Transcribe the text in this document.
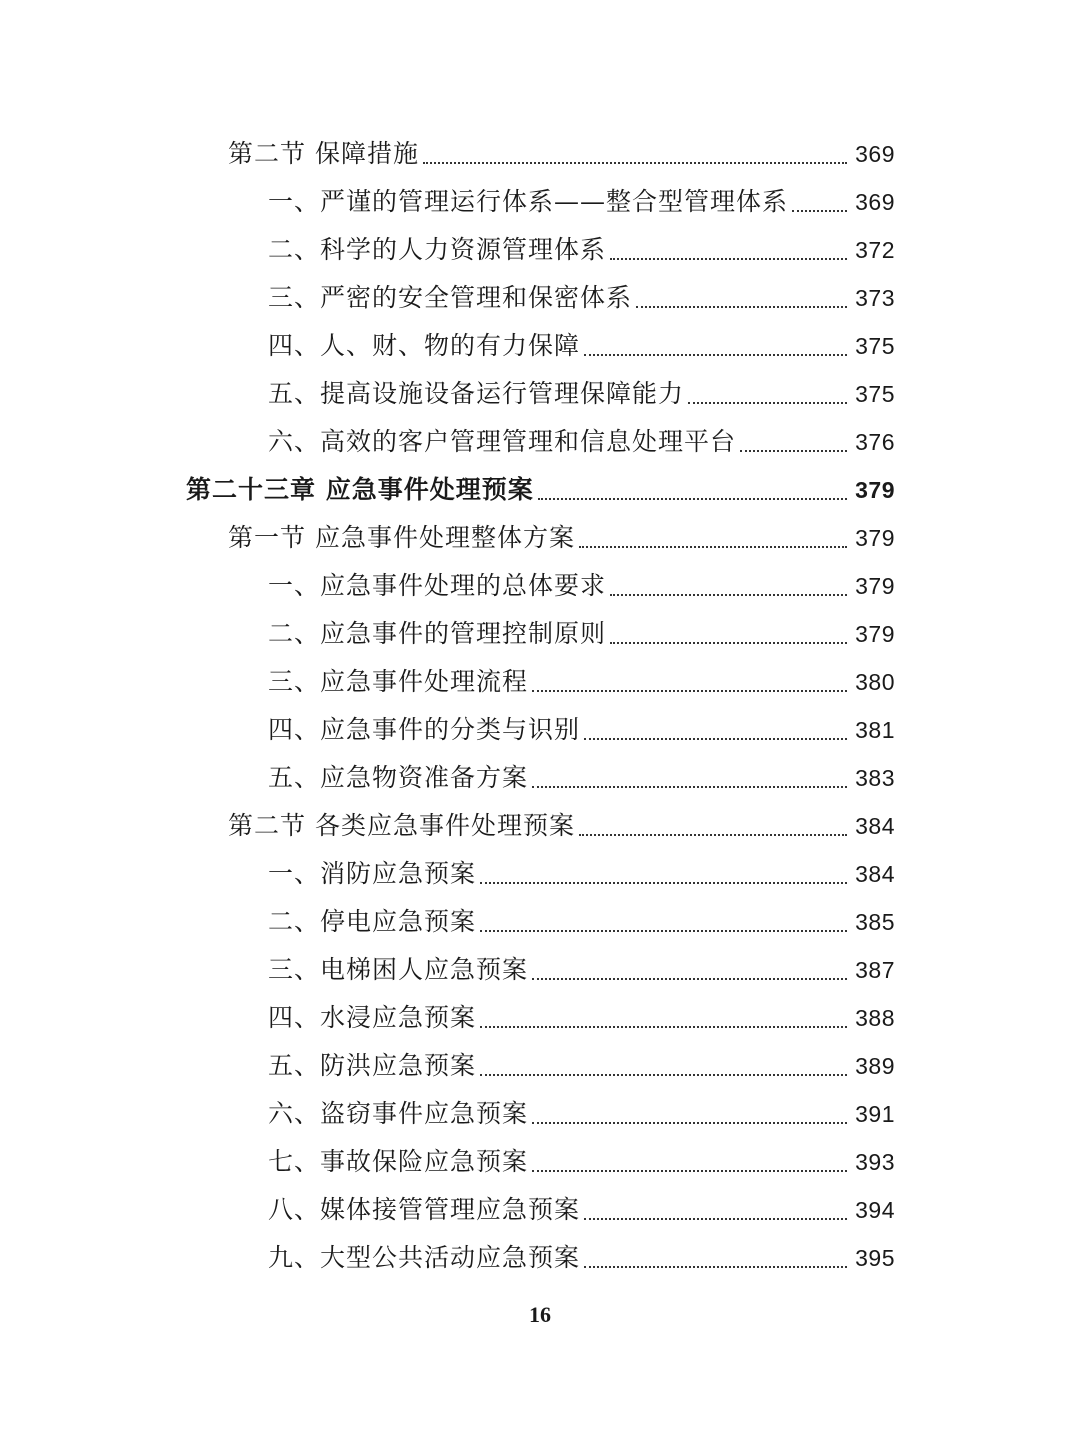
第二节 保障措施	369
一、严谨的管理运行体系——整合型管理体系	369
二、科学的人力资源管理体系	372
三、严密的安全管理和保密体系	373
四、人、财、物的有力保障	375
五、提高设施设备运行管理保障能力	375
六、高效的客户管理管理和信息处理平台	376
第二十三章 应急事件处理预案	379
第一节 应急事件处理整体方案	379
一、应急事件处理的总体要求	379
二、应急事件的管理控制原则	379
三、应急事件处理流程	380
四、应急事件的分类与识别	381
五、应急物资准备方案	383
第二节 各类应急事件处理预案	384
一、消防应急预案	384
二、停电应急预案	385
三、电梯困人应急预案	387
四、水浸应急预案	388
五、防洪应急预案	389
六、盗窃事件应急预案	391
七、事故保险应急预案	393
八、媒体接管管理应急预案	394
九、大型公共活动应急预案	395
16
